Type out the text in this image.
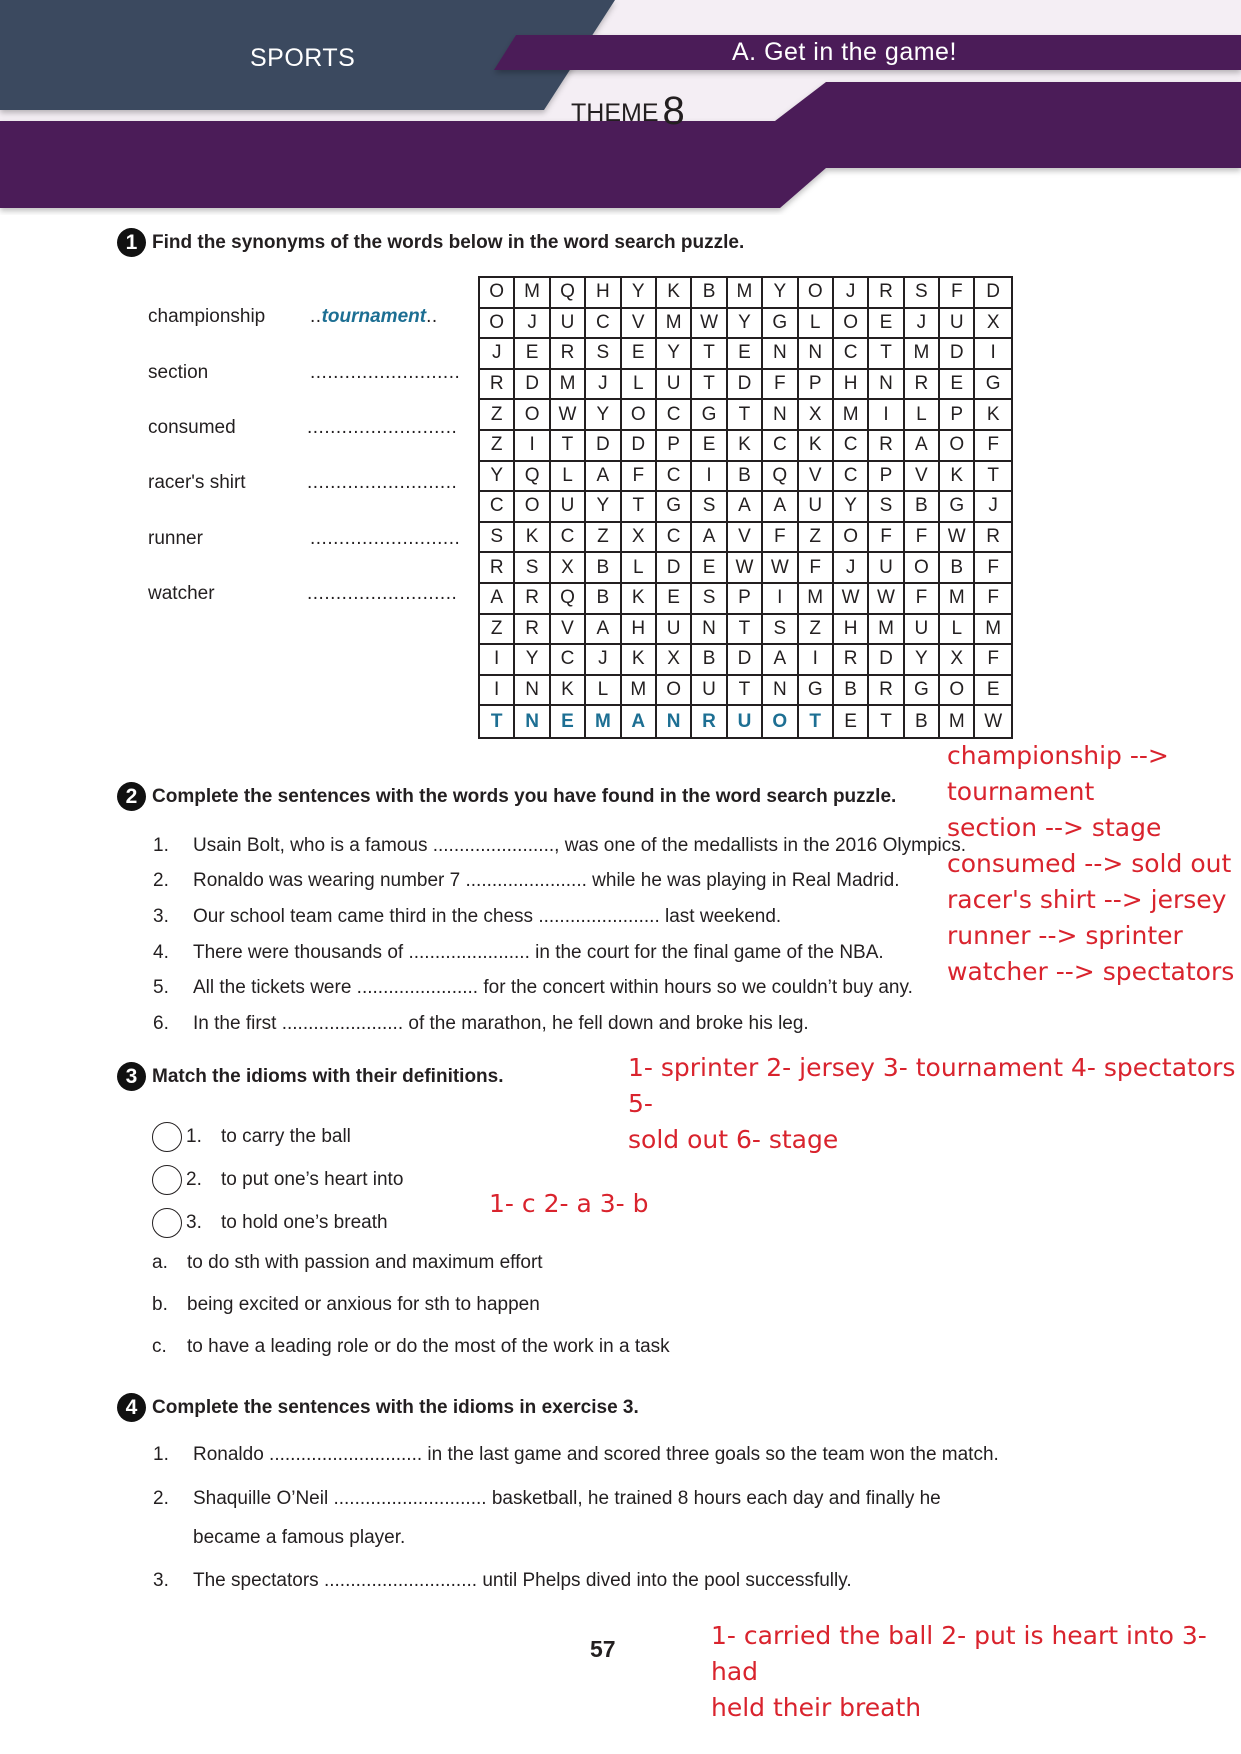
SPORTS	A. Get in the game!
THEME 8
1 Find the synonyms of the words below in the word search puzzle.
championship ..tournament..
section	..........................
consumed	..........................
racer's shirt	..........................
runner	..........................
watcher	..........................
O	M	Q	H	Y	K	B	M	Y	O	J	R	S	F	D
O	J	U	C	V	M W	Y	G	L	O	E	J	U	X
J	E	R	S	E	Y	T	E	N	N	C	T	M	D	I
R	D	M	J	L	U	T	D	F	P	H	N	R	E	G
Z	O	W	Y	O	C	G	T	N	X	M	I	L	P	K
Z	I	T	D	D	P	E	K	C	K	C	R	A	O	F
Y	Q	L	A	F	C	I	B	Q	V	C	P	V	K	T
C	O	U	Y	T	G	S	A	A	U	Y	S	B	G	J
S	K	C	Z	X	C	A	V	F	Z	O	F	F	W	R
R	S	X	B	L	D	E	W W	F	J	U	O	B	F
A	R	Q	B	K	E	S	P	I	M W W	F	M	F
Z	R	V	A	H	U	N	T	S	Z	H	M	U	L	M
I	Y	C	J	K	X	B	D	A	I	R	D	Y	X	F
I	N	K	L	M	O	U	T	N	G	B	R	G	O	E
T	N	E	M	A	N	R	U	O	T	E	T	B	M	W
championship -->
tournament
section --> stage
consumed --> sold out
racer's shirt --> jersey
runner --> sprinter
watcher --> spectators
2 Complete the sentences with the words you have found in the word search puzzle.
1. Usain Bolt, who is a famous ......................., was one of the medallists in the 2016 Olympics.
2. Ronaldo was wearing number 7 ....................... while he was playing in Real Madrid.
3. Our school team came third in the chess ....................... last weekend.
4. There were thousands of ....................... in the court for the final game of the NBA.
5. All the tickets were ....................... for the concert within hours so we couldn’t buy any.
6. In the first ....................... of the marathon, he fell down and broke his leg.
3 Match the idioms with their definitions.	1- sprinter 2- jersey 3- tournament 4- spectators 5-
sold out 6- stage
1.	to carry the ball
2.	to put one’s heart into
3.	to hold one’s breath
1- c 2- a 3- b
a. to do sth with passion and maximum effort
b. being excited or anxious for sth to happen
c. to have a leading role or do the most of the work in a task
4 Complete the sentences with the idioms in exercise 3.
1. Ronaldo ............................. in the last game and scored three goals so the team won the match.
2. Shaquille O’Neil ............................. basketball, he trained 8 hours each day and finally he
became a famous player.
3. The spectators ............................. until Phelps dived into the pool successfully.
57	1- carried the ball 2- put is heart into 3- had
held their breath
